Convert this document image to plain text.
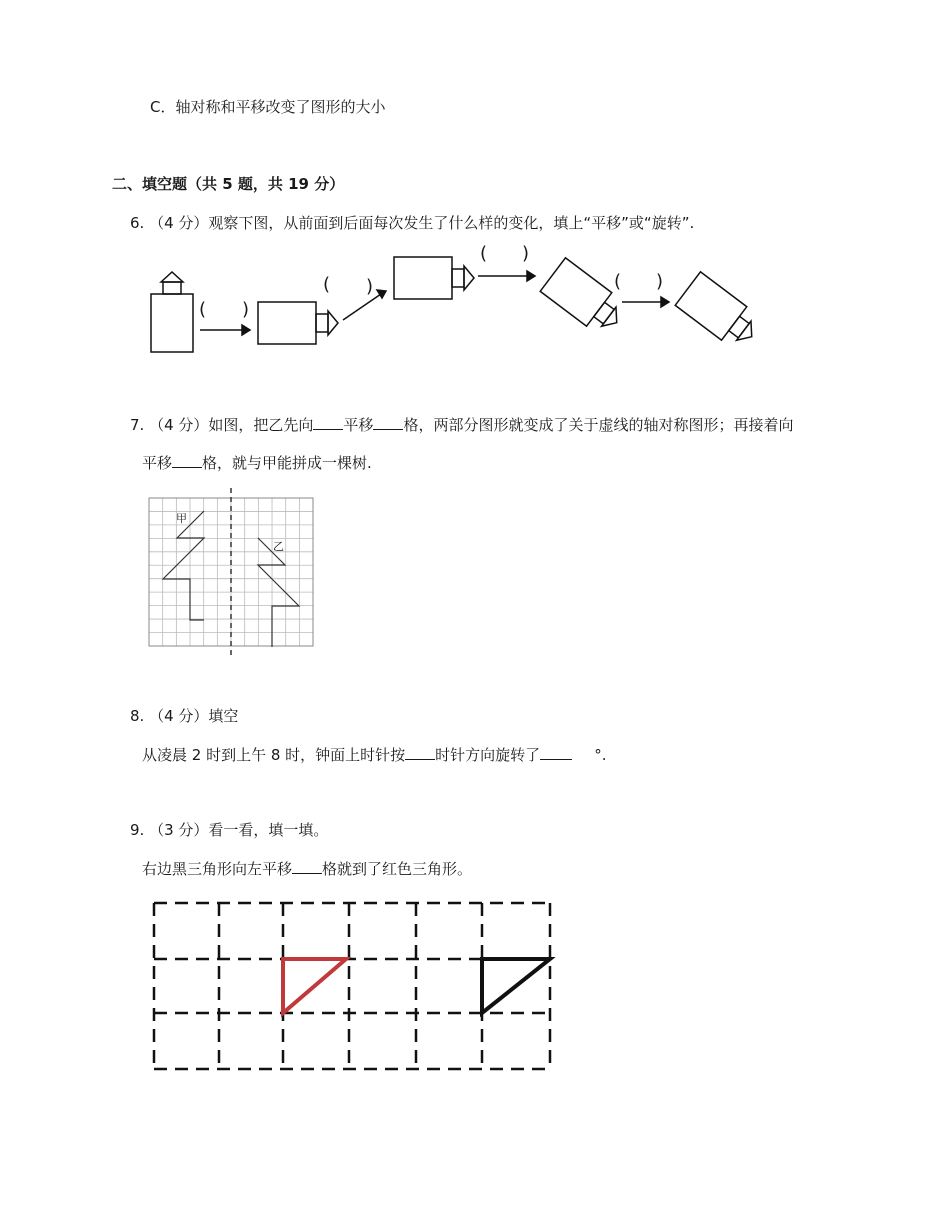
C．轴对称和平移改变了图形的大小
二、填空题（共 5 题，共 19 分）
6. （4 分）观察下图，从前面到后面每次发生了什么样的变化，填上“平移”或“旋转”.
( )
( )
( )
( )
7. （4 分）如图，把乙先向 平移 格，两部分图形就变成了关于虚线的轴对称图形；再接着向
平移 格，就与甲能拼成一棵树.
甲
乙
8. （4 分）填空
从凌晨 2 时到上午 8 时，钟面上时针按 时针方向旋转了	°.
9. （3 分）看一看，填一填。
右边黑三角形向左平移 格就到了红色三角形。
